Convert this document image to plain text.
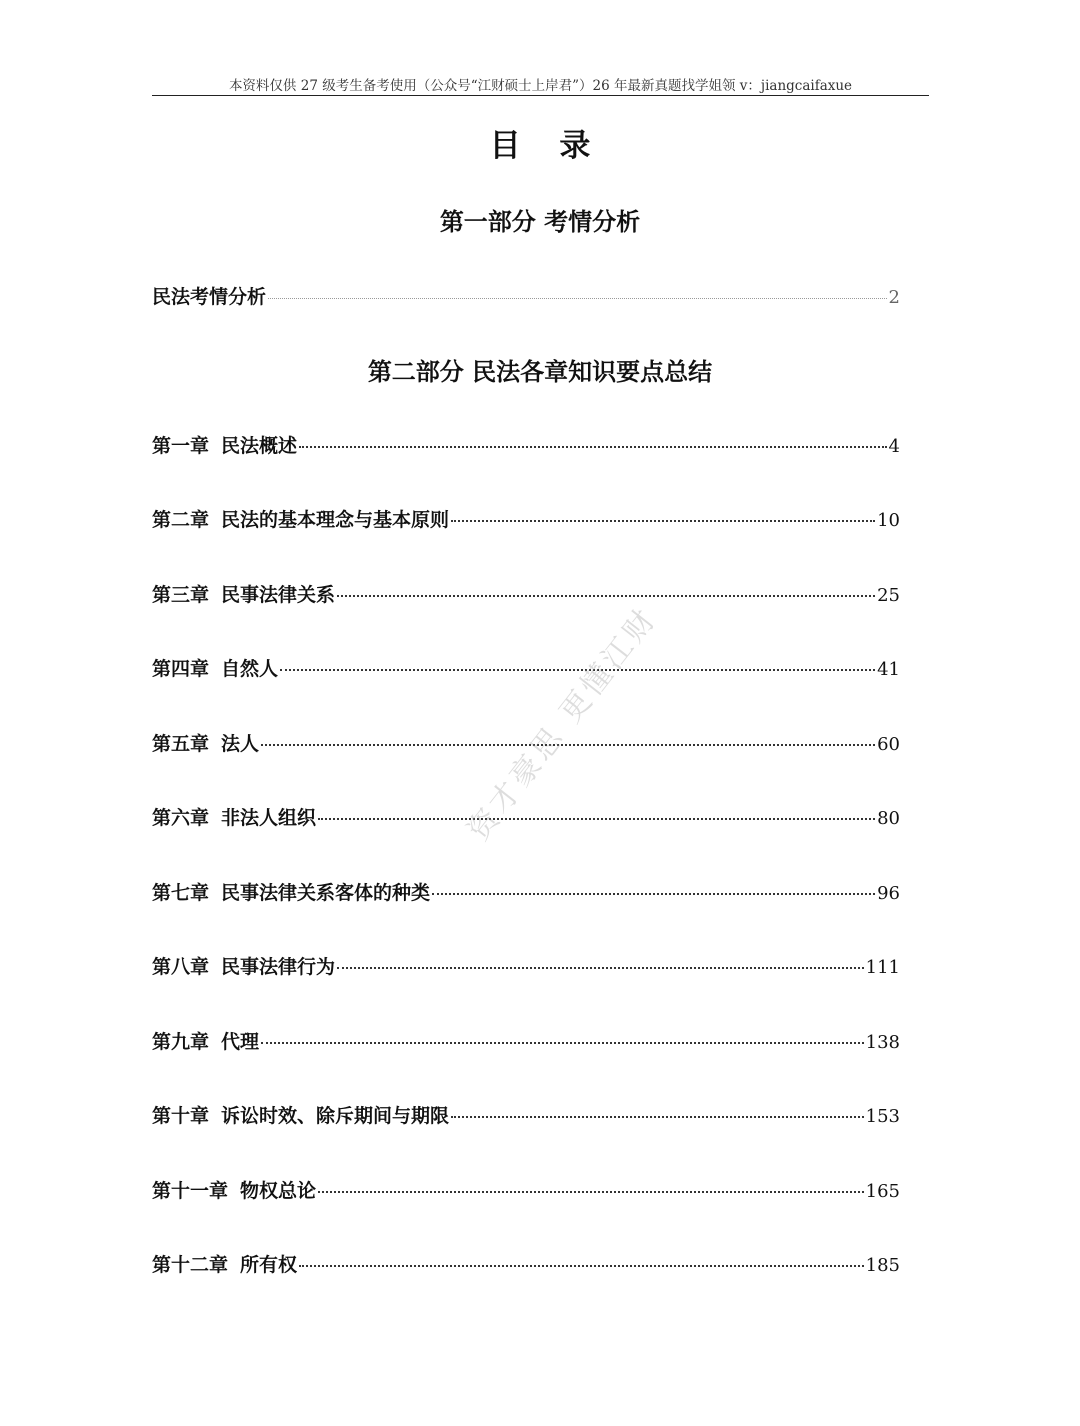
本资料仅供 27 级考生备考使用（公众号“江财硕士上岸君”）26 年最新真题找学姐领 v：jiangcaifaxue
目 录
第一部分 考情分析
民法考情分析	2
第二部分 民法各章知识要点总结
第一章 民法概述	4
第二章 民法的基本理念与基本原则	10
第三章 民事法律关系	25
第四章 自然人	41
第五章 法人	60
第六章 非法人组织	80
第七章 民事法律关系客体的种类	96
第八章 民事法律行为	111
第九章 代理	138
第十章 诉讼时效、除斥期间与期限	153
第十一章 物权总论	165
第十二章 所有权	185
资才豪思 更懂江财
